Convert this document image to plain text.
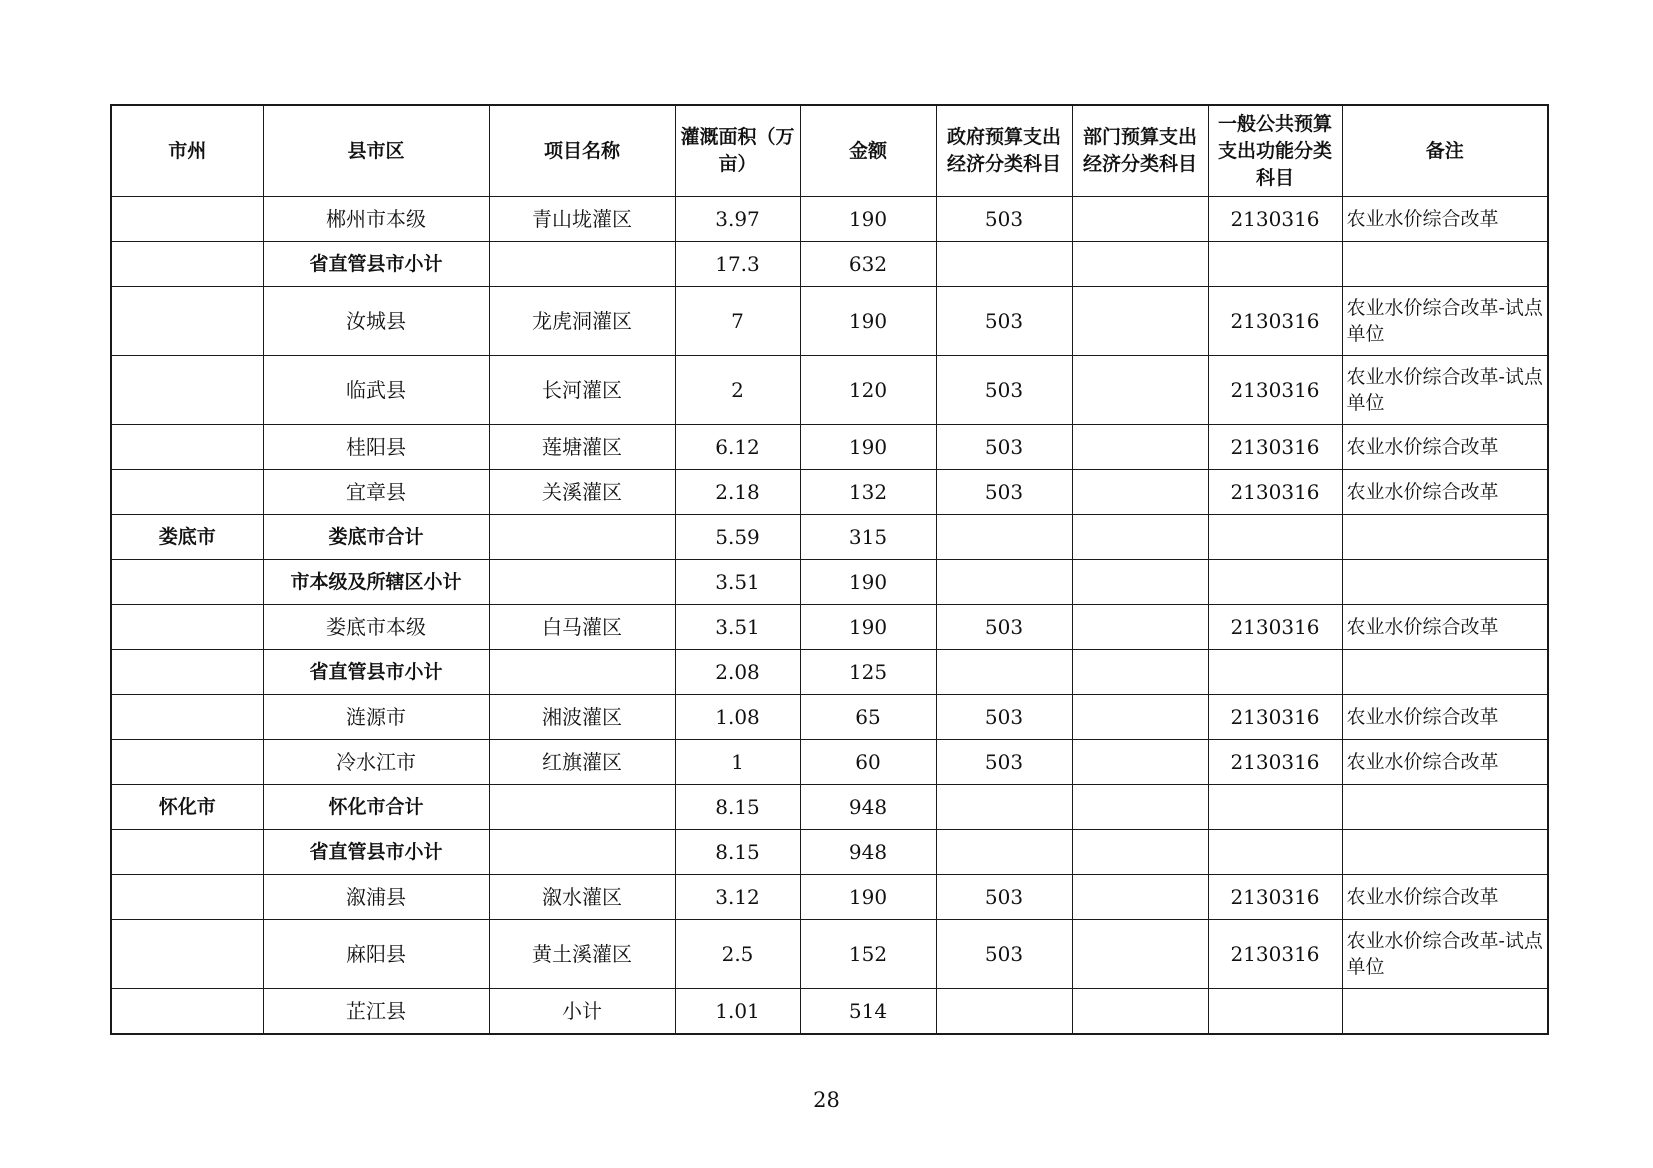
市州	县市区	项目名称	灌溉面积（万亩）	金额	政府预算支出经济分类科目	部门预算支出经济分类科目	一般公共预算支出功能分类科目	备注
	郴州市本级	青山垅灌区	3.97	190	503		2130316	农业水价综合改革
	省直管县市小计		17.3	632				
	汝城县	龙虎洞灌区	7	190	503		2130316	农业水价综合改革-试点单位
	临武县	长河灌区	2	120	503		2130316	农业水价综合改革-试点单位
	桂阳县	莲塘灌区	6.12	190	503		2130316	农业水价综合改革
	宜章县	关溪灌区	2.18	132	503		2130316	农业水价综合改革
娄底市	娄底市合计		5.59	315				
	市本级及所辖区小计		3.51	190				
	娄底市本级	白马灌区	3.51	190	503		2130316	农业水价综合改革
	省直管县市小计		2.08	125				
	涟源市	湘波灌区	1.08	65	503		2130316	农业水价综合改革
	冷水江市	红旗灌区	1	60	503		2130316	农业水价综合改革
怀化市	怀化市合计		8.15	948				
	省直管县市小计		8.15	948				
	溆浦县	溆水灌区	3.12	190	503		2130316	农业水价综合改革
	麻阳县	黄土溪灌区	2.5	152	503		2130316	农业水价综合改革-试点单位
	芷江县	小计	1.01	514				
28
